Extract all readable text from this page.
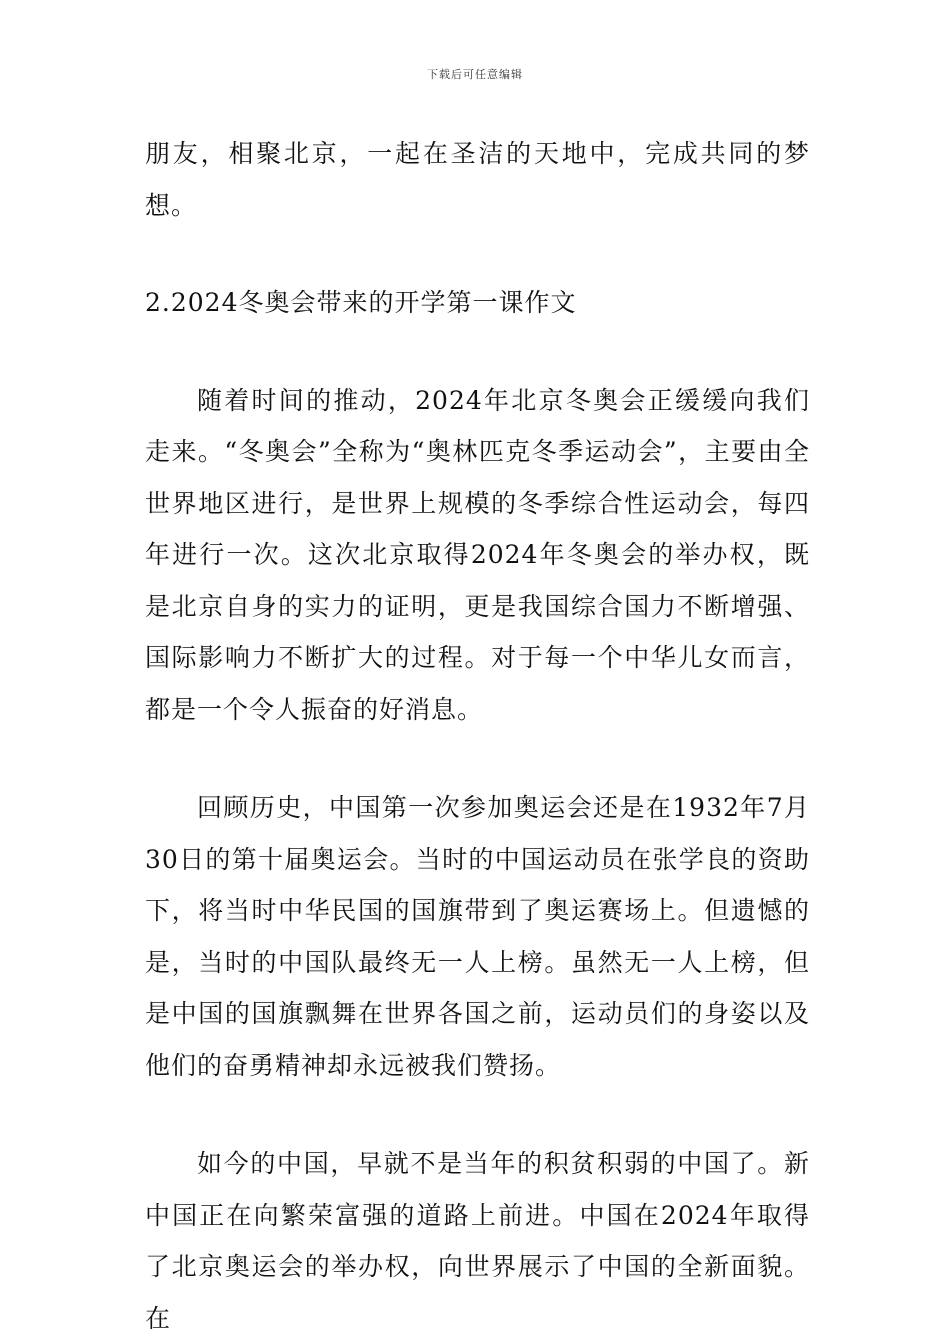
下载后可任意编辑

朋友，相聚北京，一起在圣洁的天地中，完成共同的梦想。

2.2024冬奥会带来的开学第一课作文

随着时间的推动，2024年北京冬奥会正缓缓向我们走来。“冬奥会”全称为“奥林匹克冬季运动会”，主要由全世界地区进行，是世界上规模的冬季综合性运动会，每四年进行一次。这次北京取得2024年冬奥会的举办权，既是北京自身的实力的证明，更是我国综合国力不断增强、国际影响力不断扩大的过程。对于每一个中华儿女而言，都是一个令人振奋的好消息。

回顾历史，中国第一次参加奥运会还是在1932年7月30日的第十届奥运会。当时的中国运动员在张学良的资助下，将当时中华民国的国旗带到了奥运赛场上。但遗憾的是，当时的中国队最终无一人上榜。虽然无一人上榜，但是中国的国旗飘舞在世界各国之前，运动员们的身姿以及他们的奋勇精神却永远被我们赞扬。

如今的中国，早就不是当年的积贫积弱的中国了。新中国正在向繁荣富强的道路上前进。中国在2024年取得了北京奥运会的举办权，向世界展示了中国的全新面貌。在
